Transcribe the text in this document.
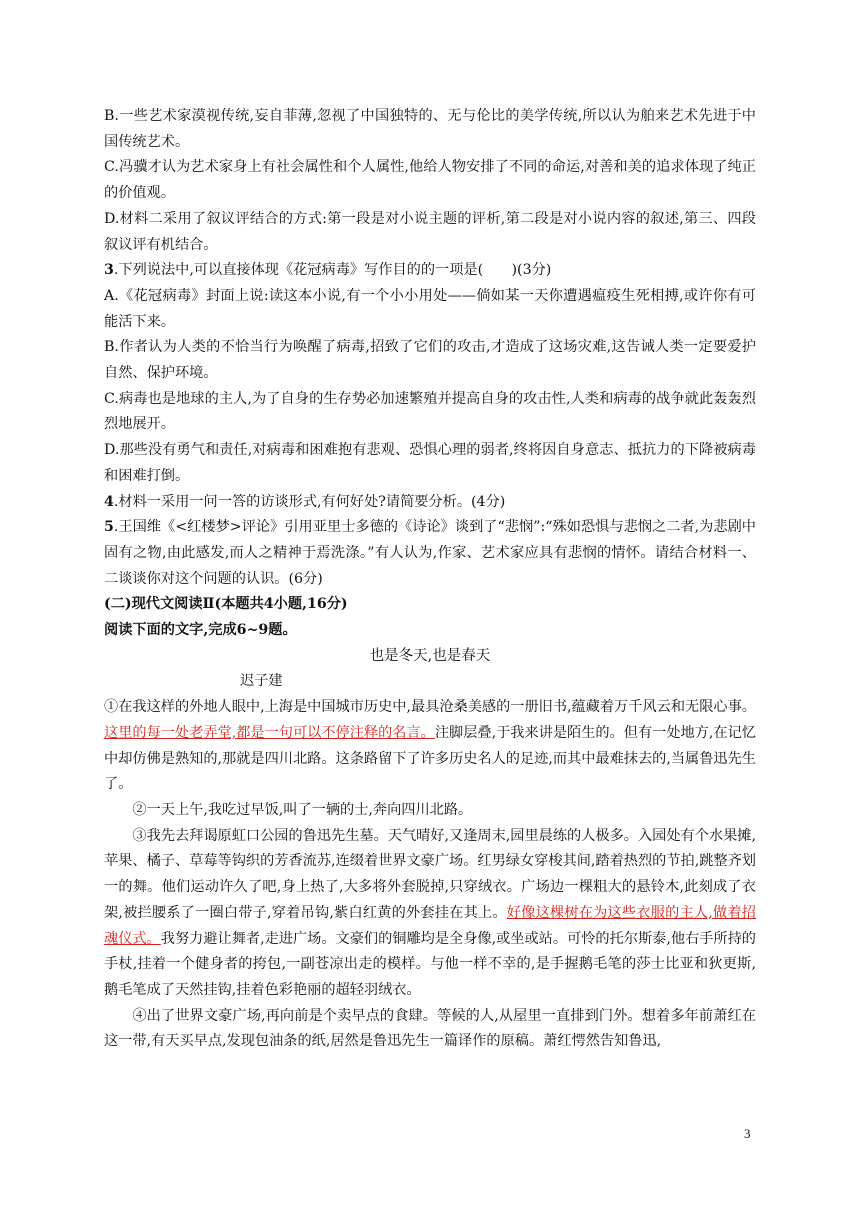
B.一些艺术家漠视传统,妄自菲薄,忽视了中国独特的、无与伦比的美学传统,所以认为舶来艺术先进于中国传统艺术。

C.冯骥才认为艺术家身上有社会属性和个人属性,他给人物安排了不同的命运,对善和美的追求体现了纯正的价值观。

D.材料二采用了叙议评结合的方式:第一段是对小说主题的评析,第二段是对小说内容的叙述,第三、四段叙议评有机结合。

3.下列说法中,可以直接体现《花冠病毒》写作目的的一项是(　　)(3分)

A.《花冠病毒》封面上说:读这本小说,有一个小小用处——倘如某一天你遭遇瘟疫生死相搏,或许你有可能活下来。

B.作者认为人类的不恰当行为唤醒了病毒,招致了它们的攻击,才造成了这场灾难,这告诫人类一定要爱护自然、保护环境。

C.病毒也是地球的主人,为了自身的生存势必加速繁殖并提高自身的攻击性,人类和病毒的战争就此轰轰烈烈地展开。

D.那些没有勇气和责任,对病毒和困难抱有悲观、恐惧心理的弱者,终将因自身意志、抵抗力的下降被病毒和困难打倒。

4.材料一采用一问一答的访谈形式,有何好处?请简要分析。(4分)

5.王国维《<红楼梦>评论》引用亚里士多德的《诗论》谈到了“悲悯”:“殊如恐惧与悲悯之二者,为悲剧中固有之物,由此感发,而人之精神于焉洗涤。”有人认为,作家、艺术家应具有悲悯的情怀。请结合材料一、二谈谈你对这个问题的认识。(6分)

(二)现代文阅读Ⅱ(本题共4小题,16分)

阅读下面的文字,完成6~9题。

也是冬天,也是春天

迟子建

①在我这样的外地人眼中,上海是中国城市历史中,最具沧桑美感的一册旧书,蕴藏着万千风云和无限心事。这里的每一处老弄堂,都是一句可以不停注释的名言。注脚层叠,于我来讲是陌生的。但有一处地方,在记忆中却仿佛是熟知的,那就是四川北路。这条路留下了许多历史名人的足迹,而其中最难抹去的,当属鲁迅先生了。

②一天上午,我吃过早饭,叫了一辆的士,奔向四川北路。

③我先去拜谒原虹口公园的鲁迅先生墓。天气晴好,又逢周末,园里晨练的人极多。入园处有个水果摊,苹果、橘子、草莓等钩织的芳香流苏,连缀着世界文豪广场。红男绿女穿梭其间,踏着热烈的节拍,跳整齐划一的舞。他们运动许久了吧,身上热了,大多将外套脱掉,只穿绒衣。广场边一棵粗大的悬铃木,此刻成了衣架,被拦腰系了一圈白带子,穿着吊钩,紫白红黄的外套挂在其上。好像这棵树在为这些衣服的主人,做着招魂仪式。我努力避让舞者,走进广场。文豪们的铜雕均是全身像,或坐或站。可怜的托尔斯泰,他右手所持的手杖,挂着一个健身者的挎包,一副苍凉出走的模样。与他一样不幸的,是手握鹅毛笔的莎士比亚和狄更斯,鹅毛笔成了天然挂钩,挂着色彩艳丽的超轻羽绒衣。

④出了世界文豪广场,再向前是个卖早点的食肆。等候的人,从屋里一直排到门外。想着多年前萧红在这一带,有天买早点,发现包油条的纸,居然是鲁迅先生一篇译作的原稿。萧红愕然告知鲁迅,

3
